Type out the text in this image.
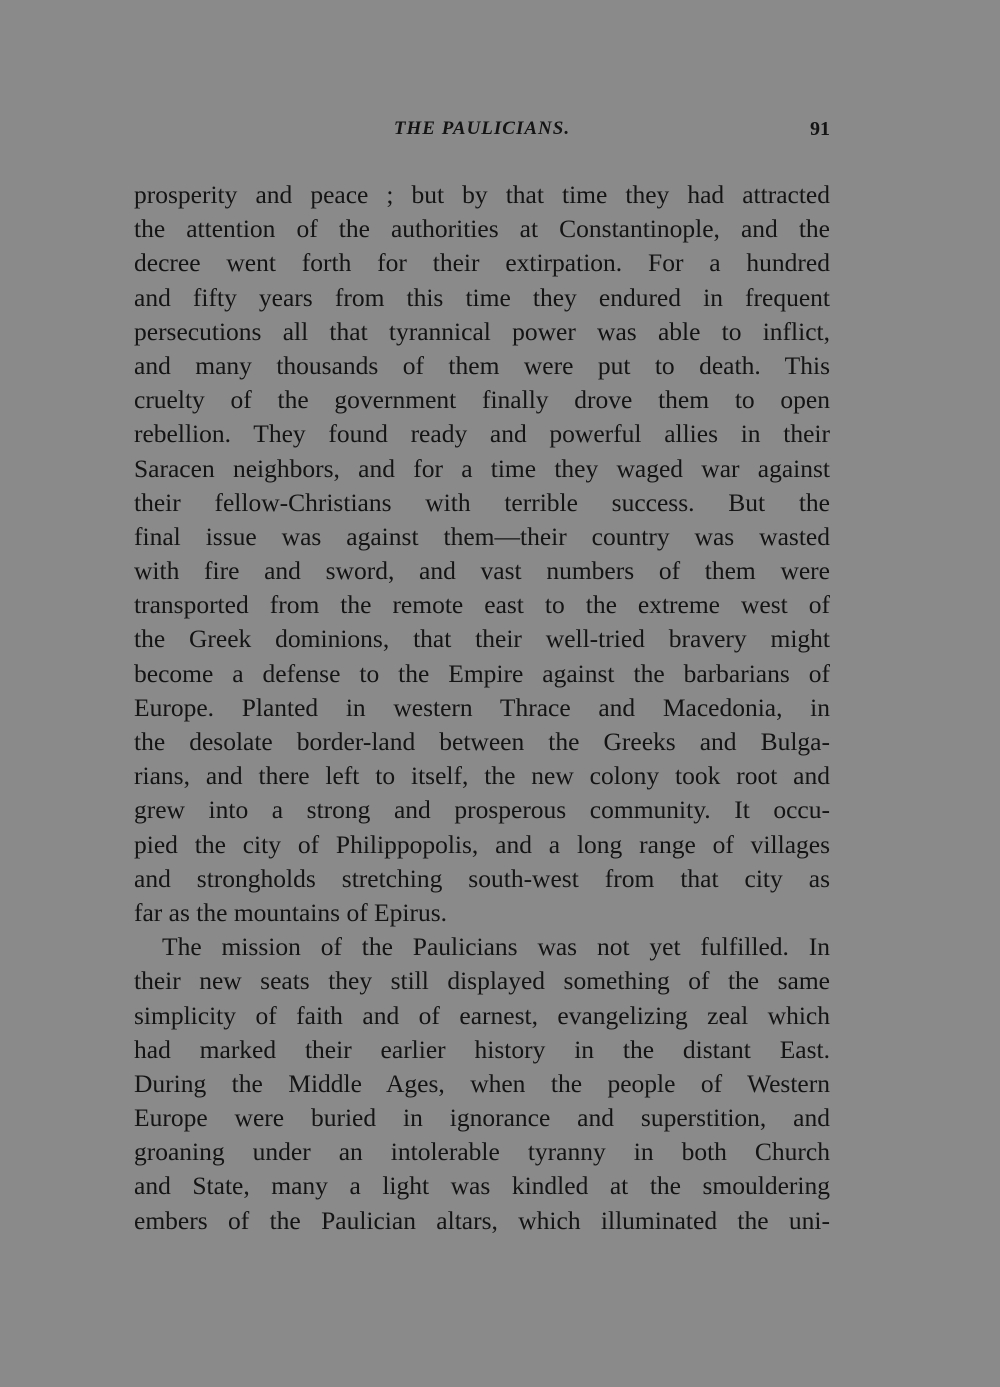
THE PAULICIANS.	91
prosperity and peace ; but by that time they had attracted
the attention of the authorities at Constantinople, and the
decree went forth for their extirpation. For a hundred
and fifty years from this time they endured in frequent
persecutions all that tyrannical power was able to inflict,
and many thousands of them were put to death. This
cruelty of the government finally drove them to open
rebellion. They found ready and powerful allies in their
Saracen neighbors, and for a time they waged war against
their fellow-Christians with terrible success. But the
final issue was against them—their country was wasted
with fire and sword, and vast numbers of them were
transported from the remote east to the extreme west of
the Greek dominions, that their well-tried bravery might
become a defense to the Empire against the barbarians of
Europe. Planted in western Thrace and Macedonia, in
the desolate border-land between the Greeks and Bulga-
rians, and there left to itself, the new colony took root and
grew into a strong and prosperous community. It occu-
pied the city of Philippopolis, and a long range of villages
and strongholds stretching south-west from that city as
far as the mountains of Epirus.
The mission of the Paulicians was not yet fulfilled. In
their new seats they still displayed something of the same
simplicity of faith and of earnest, evangelizing zeal which
had marked their earlier history in the distant East.
During the Middle Ages, when the people of Western
Europe were buried in ignorance and superstition, and
groaning under an intolerable tyranny in both Church
and State, many a light was kindled at the smouldering
embers of the Paulician altars, which illuminated the uni-
